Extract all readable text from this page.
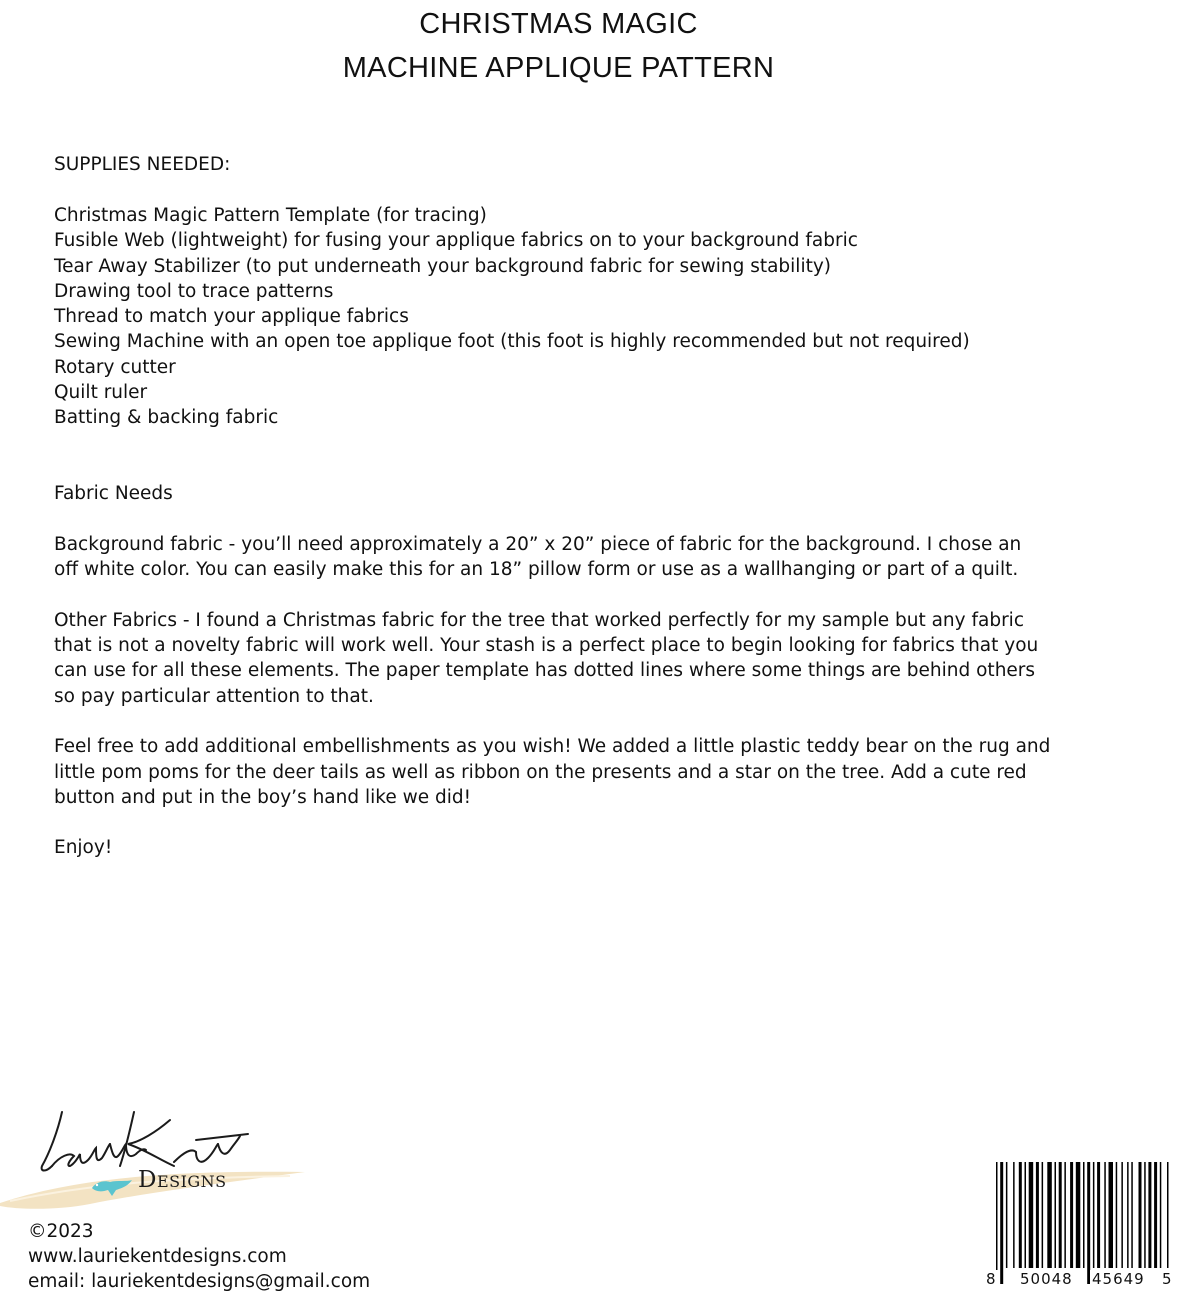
CHRISTMAS MAGIC
MACHINE APPLIQUE PATTERN
SUPPLIES NEEDED:
Christmas Magic Pattern Template (for tracing)
Fusible Web (lightweight) for fusing your applique fabrics on to your background fabric
Tear Away Stabilizer (to put underneath your background fabric for sewing stability)
Drawing tool to trace patterns
Thread to match your applique fabrics
Sewing Machine with an open toe applique foot (this foot is highly recommended but not required)
Rotary cutter
Quilt ruler
Batting & backing fabric
Fabric Needs
Background fabric - you’ll need approximately a 20” x 20” piece of fabric for the background. I chose an
off white color. You can easily make this for an 18” pillow form or use as a wallhanging or part of a quilt.
Other Fabrics - I found a Christmas fabric for the tree that worked perfectly for my sample but any fabric
that is not a novelty fabric will work well. Your stash is a perfect place to begin looking for fabrics that you
can use for all these elements. The paper template has dotted lines where some things are behind others
so pay particular attention to that.
Feel free to add additional embellishments as you wish! We added a little plastic teddy bear on the rug and
little pom poms for the deer tails as well as ribbon on the presents and a star on the tree. Add a cute red
button and put in the boy’s hand like we did!
Enjoy!
Designs
©2023
www.lauriekentdesigns.com
email: lauriekentdesigns@gmail.com	8 50048 45649 5
